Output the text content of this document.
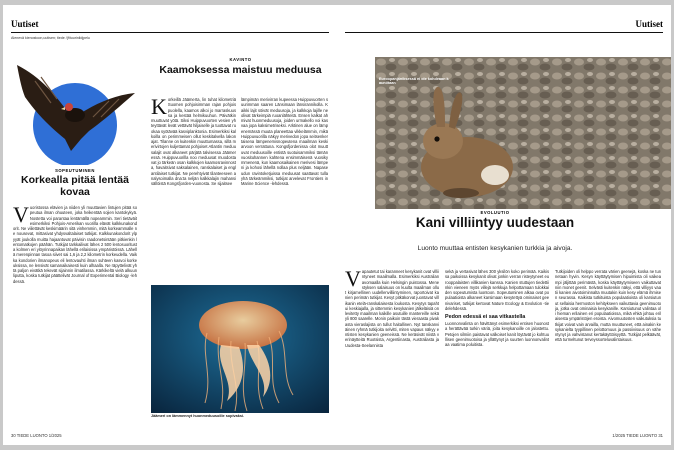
Uutiset
Alenevä kienostoon,uutisen; tiede /(fituurinlidjpelu
SOPEUTUMINEN
Korkealla pitää lentää kovaa
Vuoristossa elävien ja niiden yli muuttavien lintujen pitää sopeutua ilman ohuuteen, joka heikentää sojien kantokykyä. Nostetta voi parantaa lentämällä nopeammin. Seri tietäväit esimerkiksi Pohjois-Amerikan vuorilla elävät kalkkunakondorit. Ne viilettävät keskimäärin sitä vinhemmin, mitä korkeammalle ne nousevat, mittasivat yhdysvaltalaiset tutkijat. Kalkkunakondorit ylpyyät joukolla muitta hajaantuvat päivisin raadonetsintään pitkienkin lentomatkojen päähän. Tutkijat tarkkailivat lähes 2 500 lentosuoritusta kolmen eri ylöyrinnapaikan lähellä erilaisissa ympäristöissä. Lähellä merenpinnan tasoa siivet sai 1,6 ja 2,2 kilometrin korkeudella. Vaikka kondorien ilmanopeus eli lentovauhti ilman suhteen kasvoi korkeuksissa, ne lensivät samanaikaisesti kuin alhaalla. Ne räpyttelivät yhtä paljon eivätkä tekevät sijainnin ilmatilassa. Kärkikeltä vielä alkuun liputta, koska tutkijat päättelivät Journal of Experimental Biology -lehdessä.
KAVINTO
Kaamoksessa maistuu meduusa
Korkeillä Jäämerta, lin tuhat kilometriä Suomen pohjoisimman rajan pohjoispuolella, kaamos alkoi jo marraskuussa ja kestää helmikuuhun. Päivätkin muuttuvat yötä. Siksi Huippuvuorten vesien yhteyttävät levät vettävät hiljaiselle ja tuottavat ruokaa syötävää kasviplanktonia. Esimerkiksi kalkoilla on perimmeisen ollut keskitalvella lakon ajat. Tilanne on kuitenkin muuttumassa, sillä merivirtojen kuljettamat pohjoiset Atlantin meduusalajit ovat alkaneet pärjätä talvisessa Jäämeressä. Huippuvuorilla noo meduusat muodostavat jo tärkeän osan kalkkojen kaamosravinnosta, havaitsivat saksalainen, ranskalaiset ja englantilaiset tutkijat. Ne perehtyivät tilanteeseen analysoimalla dna:ta neljän kalkkalajin mahansisällöistä Kongsfjorden-vuonosta. Se sijaitsee
lämpimän merivirran kupeessa Huippuvuorten suurimman saaren Länsimaan länsirannikolla. Kaikki lajit söivät meduusoja, ja kalkkoja lajille ne olivat tärkeimpiä ruoanlähteitä. Ensen kalkat ahmivat huonmeduusoja, joiden urmakello voi kasvaa jopa kaksimetriseksi. Arktinen alue on lämpenemässä muuta planeettaa vikkelämmin, mikä Huippuvuorilla näkyy merivedon jopa seitsenkertaisena lämpenemisnopeutena maailman keskiarvoon verrattuna. Kongsfjordenissa olot muuttuvat meduusoille entistä suotuisammiksi tämän vuosituhannen kahtena ensimmäisenä vuosikymmenenä, kun kaamosaikainen merivesi lämpeni ja kohosi lähellä nollaa plus neljään. Napaseudun ravintoketjuissa meduusat saattavat tulla yhä tärkeämmiksi, tutkijat arvelevat Frontiers in Marine Science -lehdessä.
Jäämeri on lämmennyt huonmeduusoille sopivaksi.
30 TIEDE LUONTO 1/2025
Uutiset
Euroopanjäniksessä ei ole kohdeaan kauniitaan
EVOLUUTIO
Kani villiintyy uudestaan
Luonto muuttaa entisten kesykanien turkkia ja aivoja.
Vapautetut tai karanneet kesykanit ovat villiintyneet maailmalla. Esimerkiksi Australian avomaalla kuin Helsingin puistossa. Menestyksen salaisuus on kuulta maailman ollut kirjamellinen uudellenvilliintyminen, raportoivat kanien perimän tutkijat. Kesyt pitkäkorvat juontavat villikanin etelä-ranskalaisesta loukosta. Kesytys tapahtui keskiajalla, ja sittemmin kesykanien jälkeläisiä on levitetty maailman kaikille asutuille mantereille sekä yli 800 saarelle. Monin paikoin tästä vieraasta pivakasta vieraslajista on tullut haitallinen. Nyt tanskanviäinen ryhmä tutkijoita selvitti, miten vapaus näkyy entisten kesykanien geeneissä. Ne keräsivät niistä verinäytteitä Ruotsista, Argentiinasta, Australiasta ja Uudesta-Seelannista
sekä ja vertasivat lähes 300 yksilön koko perimää. Kaikissa paikoissa kesykanit olivat jonkin verran risteytyneet eurooppalaisten villikanien kanssa. Kanien stuttujen tiedettiinkin vieneen myös villejä serkkuja helpottamaan tulokkaiden sopeutumista luontoon. Sopeutuminen alkaa ovat populaatioista alkaneet karsimaan kesytettyä ominaiset geenivariset, tutkijat kertovat Nature Ecology & Evolution -tiedelehdessä.
Pedon edessä ei saa vitkastella
Luonnonvalinta on hävittänyt esimerkiksi entisen huonosta herättävää turkin väriä, joita kesykanoille on jalostettu. Petojen silmiin paistavat valkoiset kanit löytävät jo kohtuullisen geenimuotoisa ja yllättynyt ja suurten luonnonvalintaa vaatima poluitista.
Tutkijoiden oli helppo verrata värien geenejä, koska ne tunnetaan hyvin. Kesyn käyttäytymisen hipuimista oli vaikeampi jäljittää perimästä, koska käyttäytymiseen vaikuttavat niin monet geenit. Selvästi kuitenkin näkyi, että villiyys vaatii kanien aivotoiminnalta muutakin kuin kesy elämä ihmisen seurassa. Kaikista tutkituista populaatioista oli karsiutunut sellaisia hermoston kehitykseen vaikuttavia geenimuotoja, jotka ovat ominaisia kesykanille. Karsiutunut valintaa oli hieman erilainen eri populaatioissa, mikä ehkä johtuu erilaisesta ympäristöjen eroista. Aivomuutosten vaikutuksia tutkijat voivat vain arvailla, mutta muuttuneet, että ainakin kesykanielta tyypillinen pelottomuus ja passiivisuus on vähentynyt ja vahvistanut kertakäyttöisyyttä. Tutkijat pelkäävät, että turmeltunut terveyssorteluvalintaisuus.
1/2025 TIEDE LUONTO 31
